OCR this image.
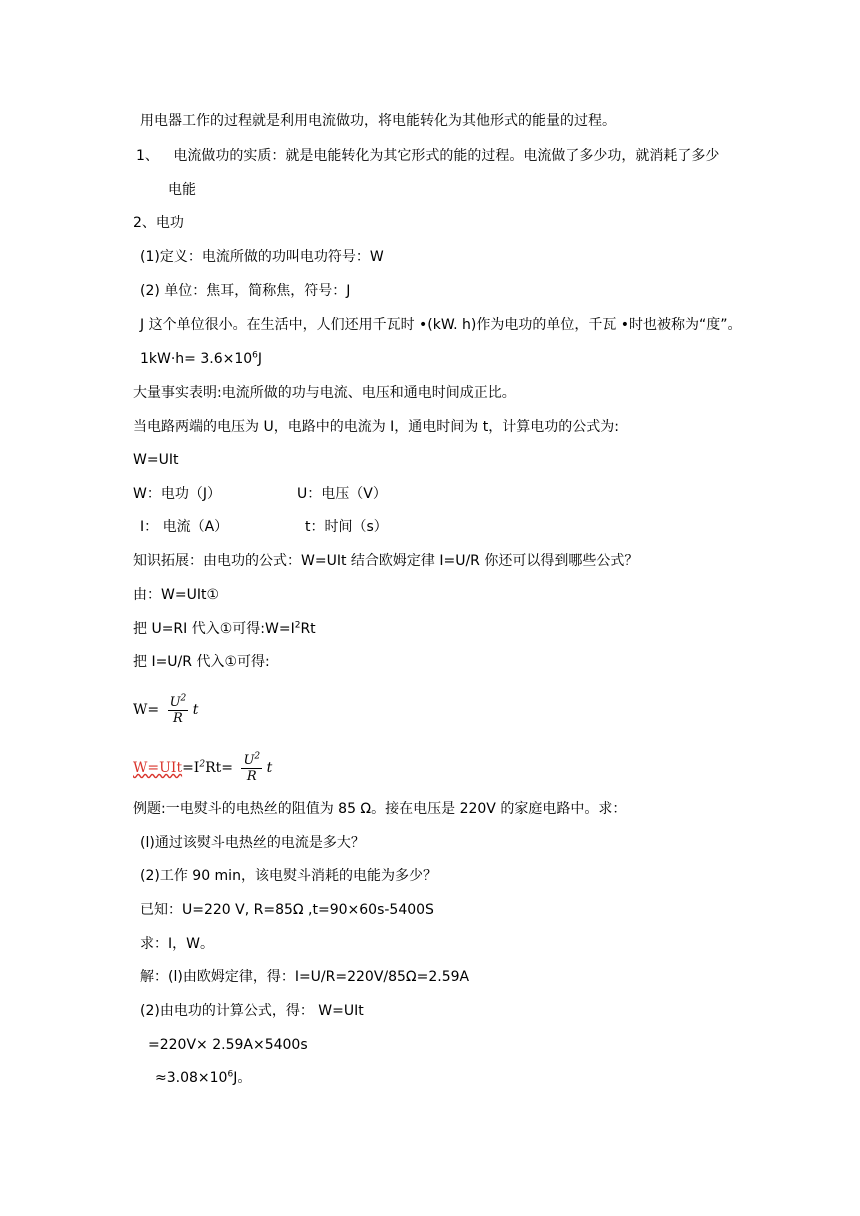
用电器工作的过程就是利用电流做功，将电能转化为其他形式的能量的过程。
1、 电流做功的实质：就是电能转化为其它形式的能的过程。电流做了多少功，就消耗了多少
电能
2、电功
(1)定义：电流所做的功叫电功符号：W
(2) 单位：焦耳，简称焦，符号：J
J 这个单位很小。在生活中，人们还用千瓦时 •(kW. h)作为电功的单位，千瓦 •时也被称为“度”。
$1kW\cdot h= 3.6\times 10^6J$
大量事实表明:电流所做的功与电流、电压和通电时间成正比。
当电路两端的电压为 U，电路中的电流为 I，通电时间为 t，计算电功的公式为:
W=UIt
W：电功（J）	U：电压（V）
I： 电流（A）	t：时间（s）
知识拓展：由电功的公式：W=UIt 结合欧姆定律 I=U/R 你还可以得到哪些公式？
由：W=UIt①
把 U=RI 代入①可得$:W=I^2Rt$
把 I=U/R 代入①可得:
$W= \frac{U^2}{R}$ t
$W=UIt=I^2Rt= \frac{U^2}{R}$ t
例题:一电熨斗的电热丝的阻值为 85 Ω。接在电压是 220V 的家庭电路中。求：
(l)通过该熨斗电热丝的电流是多大？
(2)工作 90 min，该电熨斗消耗的电能为多少？
已知：U=220 V, R=85Ω ,t=90×60s-5400S
求：I，W。
解：(l)由欧姆定律，得：I=U/R=220V/85Ω=2.59A
(2)由电功的计算公式，得： W=UIt
=220V× 2.59A×5400s
$\approx 3.08\times 10^6J$。
